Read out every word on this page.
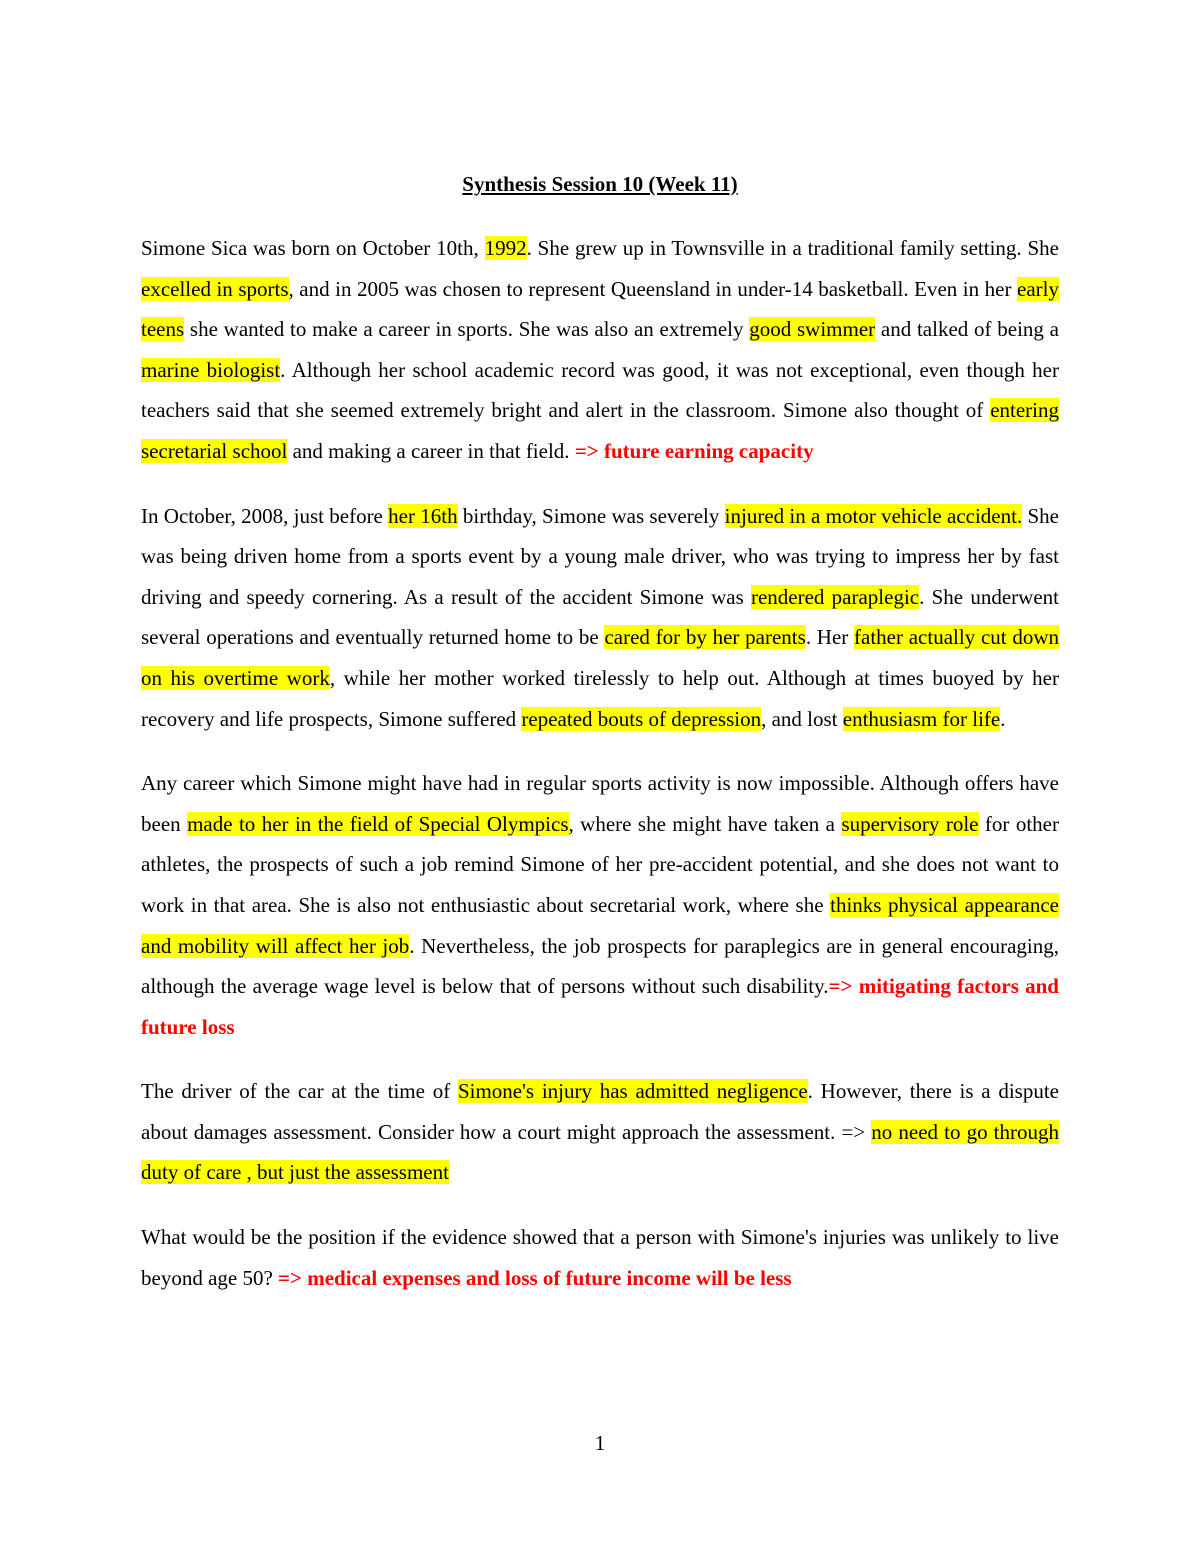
Synthesis Session 10 (Week 11)
Simone Sica was born on October 10th, 1992. She grew up in Townsville in a traditional family setting. She excelled in sports, and in 2005 was chosen to represent Queensland in under-14 basketball. Even in her early teens she wanted to make a career in sports. She was also an extremely good swimmer and talked of being a marine biologist. Although her school academic record was good, it was not exceptional, even though her teachers said that she seemed extremely bright and alert in the classroom. Simone also thought of entering secretarial school and making a career in that field. => future earning capacity
In October, 2008, just before her 16th birthday, Simone was severely injured in a motor vehicle accident. She was being driven home from a sports event by a young male driver, who was trying to impress her by fast driving and speedy cornering. As a result of the accident Simone was rendered paraplegic. She underwent several operations and eventually returned home to be cared for by her parents. Her father actually cut down on his overtime work, while her mother worked tirelessly to help out. Although at times buoyed by her recovery and life prospects, Simone suffered repeated bouts of depression, and lost enthusiasm for life.
Any career which Simone might have had in regular sports activity is now impossible. Although offers have been made to her in the field of Special Olympics, where she might have taken a supervisory role for other athletes, the prospects of such a job remind Simone of her pre-accident potential, and she does not want to work in that area. She is also not enthusiastic about secretarial work, where she thinks physical appearance and mobility will affect her job. Nevertheless, the job prospects for paraplegics are in general encouraging, although the average wage level is below that of persons without such disability.=> mitigating factors and future loss
The driver of the car at the time of Simone's injury has admitted negligence. However, there is a dispute about damages assessment. Consider how a court might approach the assessment. => no need to go through duty of care , but just the assessment
What would be the position if the evidence showed that a person with Simone's injuries was unlikely to live beyond age 50? => medical expenses and loss of future income will be less
1
